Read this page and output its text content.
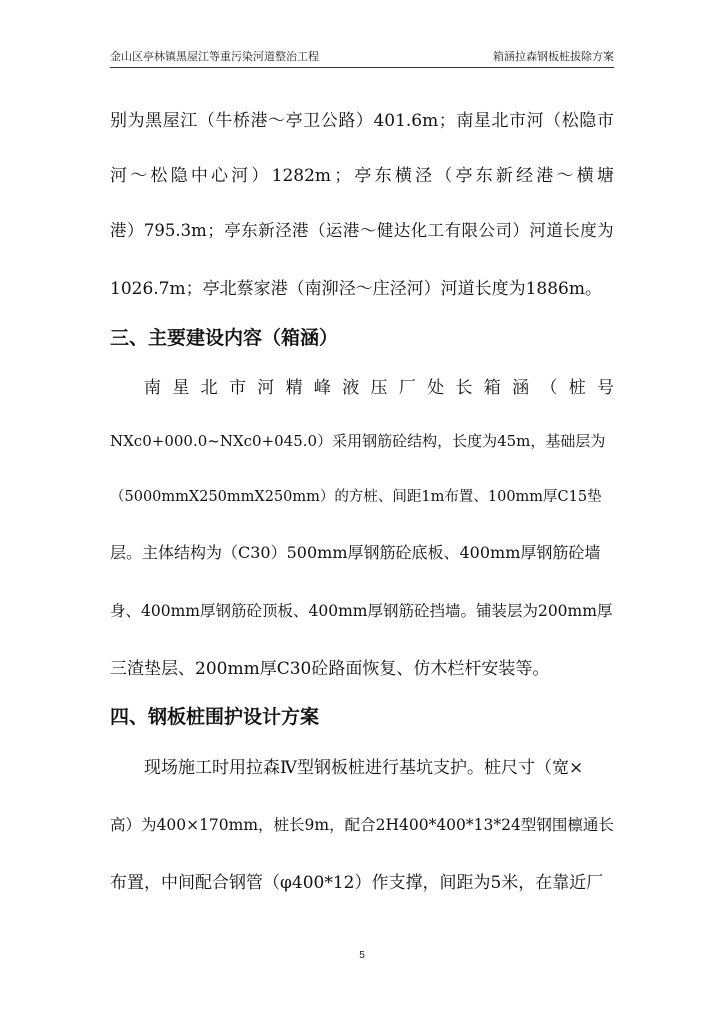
金山区亭林镇黑屋江等重污染河道整治工程	箱涵拉森钢板桩拔除方案
别 为 黑 屋 江 （ 牛 桥 港 ～ 亭 卫 公 路 ） 401.6m ； 南 星 北 市 河 （ 松 隐 市
河 ～ 松 隐 中 心 河 ） 1282m ； 亭 东 横 泾 （ 亭 东 新 经 港 ～ 横 塘
港 ） 795.3m ； 亭 东 新 泾 港 （ 运 港 ～ 健 达 化 工 有 限 公 司 ） 河 道 长 度 为
1026.7m；亭北蔡家港（南泖泾～庄泾河）河道长度为1886m。
三、主要建设内容（箱涵）
南 星 北 市 河 精 峰 液 压 厂 处 长 箱 涵 （ 桩 号
NXc0+000.0~NXc0+045.0）采用钢筋砼结构，长度为45m，基础层为
（5000mmX250mmX250mm）的方桩、间距1m布置、100mm厚C15垫
层。主体结构为（C30）500mm厚钢筋砼底板、400mm厚钢筋砼墙
身、400mm厚钢筋砼顶板、400mm厚钢筋砼挡墙。铺装层为200mm厚
三渣垫层、200mm厚C30砼路面恢复、仿木栏杆安装等。
四、钢板桩围护设计方案
现场施工时用拉森Ⅳ型钢板桩进行基坑支护。桩尺寸（宽×
高）为400×170mm，桩长9m，配合2H400*400*13*24型钢围檩通长
布置，中间配合钢管（φ400*12）作支撑，间距为5米，在靠近厂
5
